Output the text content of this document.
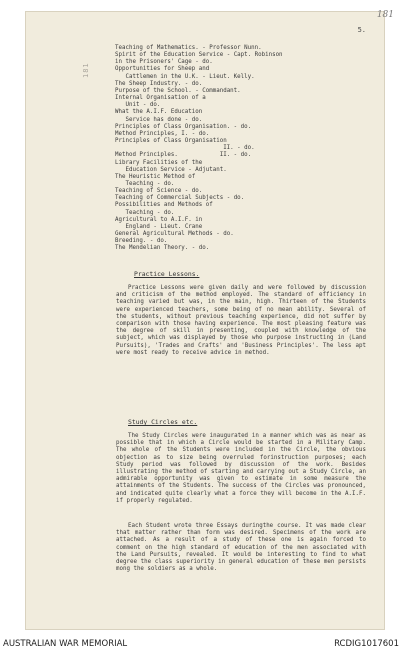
5.
181
181
Teaching of Mathematics. - Professor Nunn.
Spirit of the Education Service - Capt. Robinson
in the Prisoners' Cage - do.
Opportunities for Sheep and
Cattlemen in the U.K. - Lieut. Kelly.
The Sheep Industry. - do.
Purpose of the School. - Commandant.
Internal Organisation of a
Unit - do.
What the A.I.F. Education
Service has done - do.
Principles of Class Organisation. - do.
Method Principles, I. - do.
Principles of Class Organisation
II. - do.
Method Principles.            II. - do.
Library Facilities of the
Education Service - Adjutant.
The Heuristic Method of
Teaching - do.
Teaching of Science - do.
Teaching of Commercial Subjects - do.
Possibilities and Methods of
Teaching - do.
Agricultural to A.I.F. in
England - Lieut. Crane
General Agricultural Methods - do.
Breeding. - do.
The Mendelian Theory. - do.
Practice Lessons.

Practice Lessons were given daily and were followed by discussion and criticism of the method employed. The standard of efficiency in teaching varied but was, in the main, high. Thirteen of the Students were experienced teachers, some being of no mean ability. Several of the students, without previous teaching experience, did not suffer by comparison with those having experience. The most pleasing feature was the degree of skill in presenting, coupled with knowledge of the subject, which was displayed by those who purpose instructing in (Land Pursuits), 'Trades and Crafts' and 'Business Principles'. The less apt were most ready to receive advice in method.

Study Circles etc.

The Study Circles were inaugurated in a manner which was as near as possible that in which a Circle would be started in a Military Camp. The whole of the Students were included in the Circle, the obvious objection as to size being overruled forinstruction purposes; each Study period was followed by discussion of the work. Besides illustrating the method of starting and carrying out a Study Circle, an admirable opportunity was given to estimate in some measure the attainments of the Students. The success of the Circles was pronounced, and indicated quite clearly what a force they will become in the A.I.F. if properly regulated.

Each Student wrote three Essays duringthe course. It was made clear that matter rather than form was desired. Specimens of the work are attached. As a result of a study of these one is again forced to comment on the high standard of education of the men associated with the Land Pursuits, revealed. It would be interesting to find to what degree the class superiority in general education of these men persists mong the soldiers as a whole.

AUSTRALIAN WAR MEMORIAL	RCDIG1017601
